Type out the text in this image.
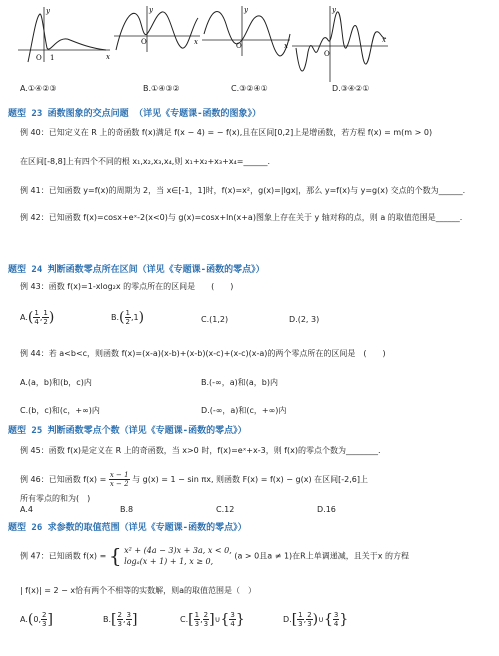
y
x
O 1
y
x
O
y
x
O
y
x
O
A.①④②③	B.①④③②	C.③②④①	D.③④②①
题型 23 函数图象的交点问题 （详见《专题课-函数的图象》）
例 40：已知定义在 R 上的奇函数 f(x)满足 f(x − 4) = − f(x),且在区间[0,2]上是增函数，若方程 f(x) = m(m > 0)
在区间[-8,8]上有四个不同的根 x₁,x₂,x₃,x₄,则 x₁+x₂+x₃+x₄=______.
例 41：已知函数 y=f(x)的周期为 2，当 x∈[-1，1]时，f(x)=x²，g(x)=|lgx|，那么 y=f(x)与 y=g(x) 交点的个数为______.
例 42：已知函数 f(x)=cosx+eˣ-2(x<0)与 g(x)=cosx+ln(x+a)图象上存在关于 y 轴对称的点，则 a 的取值范围是______.
题型 24 判断函数零点所在区间（详见《专题课-函数的零点》）
例 43：函数 f(x)=1-xlog₂x 的零点所在的区间是　　(　　)
$A.( \frac{1}{4}$ , $\frac{1}{2}$ )	$B.( \frac{1}{2} ,1)$	C.(1,2)	D.(2, 3)
例 44：若 a<b<c，则函数 f(x)=(x-a)(x-b)+(x-b)(x-c)+(x-c)(x-a)的两个零点所在的区间是　(　　)
A.(a，b)和(b，c)内	B.(-∞，a)和(a，b)内
C.(b，c)和(c，+∞)内	D.(-∞，a)和(c，+∞)内
题型 25 判断函数零点个数（详见《专题课-函数的零点》）
例 45：函数 f(x)是定义在 R 上的奇函数，当 x>0 时，f(x)=eˣ+x-3，则 f(x)的零点个数为________.
例 46：已知函数 $f(x) = \frac{x - 1}{x - 2}$ 与 g(x) = 1 − sin πx, 则函数 F(x) = f(x) − g(x) 在区间[-2,6]上
所有零点的和为(　)
A.4	B.8	C.12	D.16
题型 26 求参数的取值范围（详见《专题课-函数的零点》）
例 47：已知函数 f(x) = { x² + (4a − 3)x + 3a, x < 0,
logₐ(x + 1) + 1, x ≥ 0,
(a > 0且a ≠ 1)在R上单调递减，且关于x 的方程
| f(x)| = 2 − x恰有两个不相等的实数解，则a的取值范围是（　）
A.(0, $\frac{2}{3}$ ]	$B.[ \frac{2}{3}$ , $\frac{3}{4}$ ]	$C.[ \frac{1}{3}$ , $\frac{2}{3}$ ]∪{ $\frac{3}{4}$ }	$D.[ \frac{1}{3}$ , $\frac{2}{3}$ )∪{ $\frac{3}{4}$ }
